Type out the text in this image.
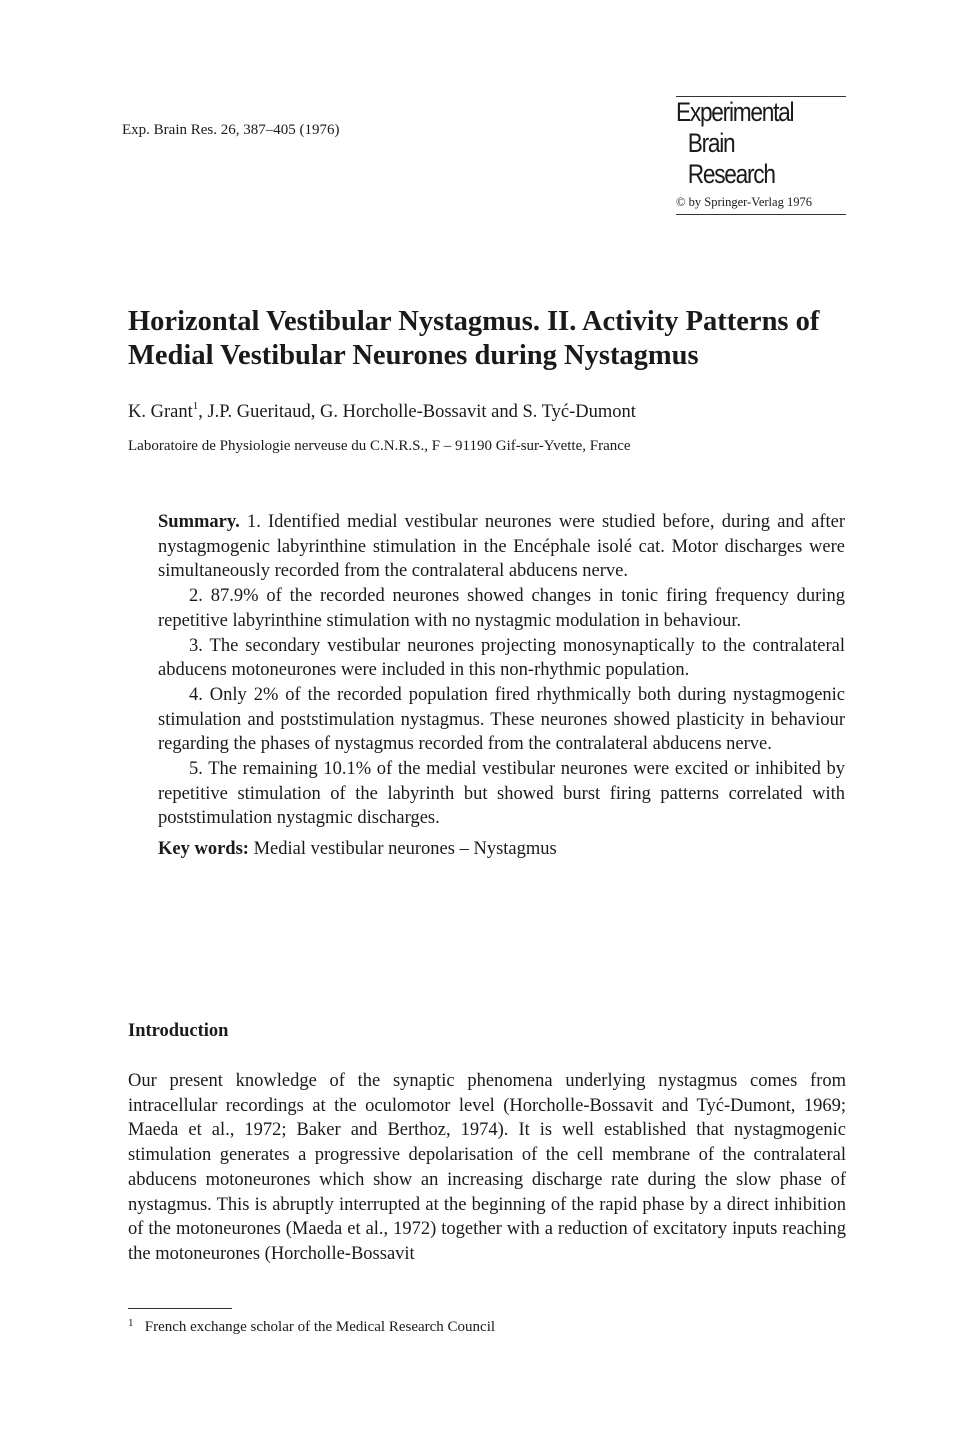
Exp. Brain Res. 26, 387–405 (1976)
Experimental
Brain
Research
© by Springer-Verlag 1976
Horizontal Vestibular Nystagmus. II. Activity Patterns of Medial Vestibular Neurones during Nystagmus
K. Grant$^1$, J.P. Gueritaud, G. Horcholle-Bossavit and S. Tyć-Dumont
Laboratoire de Physiologie nerveuse du C.N.R.S., F – 91190 Gif-sur-Yvette, France

Summary. 1. Identified medial vestibular neurones were studied before, during and after nystagmogenic labyrinthine stimulation in the Encéphale isolé cat. Motor discharges were simultaneously recorded from the contralateral abducens nerve.

2. 87.9% of the recorded neurones showed changes in tonic firing frequency during repetitive labyrinthine stimulation with no nystagmic modulation in behaviour.

3. The secondary vestibular neurones projecting monosynaptically to the contralateral abducens motoneurones were included in this non-rhythmic population.

4. Only 2% of the recorded population fired rhythmically both during nystagmogenic stimulation and poststimulation nystagmus. These neurones showed plasticity in behaviour regarding the phases of nystagmus recorded from the contralateral abducens nerve.

5. The remaining 10.1% of the medial vestibular neurones were excited or inhibited by repetitive stimulation of the labyrinth but showed burst firing patterns correlated with poststimulation nystagmic discharges.

Key words: Medial vestibular neurones – Nystagmus

Introduction

Our present knowledge of the synaptic phenomena underlying nystagmus comes from intracellular recordings at the oculomotor level (Horcholle-Bossavit and Tyć-Dumont, 1969; Maeda et al., 1972; Baker and Berthoz, 1974). It is well established that nystagmogenic stimulation generates a progressive depolarisation of the cell membrane of the contralateral abducens motoneurones which show an increasing discharge rate during the slow phase of nystagmus. This is abruptly interrupted at the beginning of the rapid phase by a direct inhibition of the motoneurones (Maeda et al., 1972) together with a reduction of excitatory inputs reaching the motoneurones (Horcholle-Bossavit

$^1$ French exchange scholar of the Medical Research Council
